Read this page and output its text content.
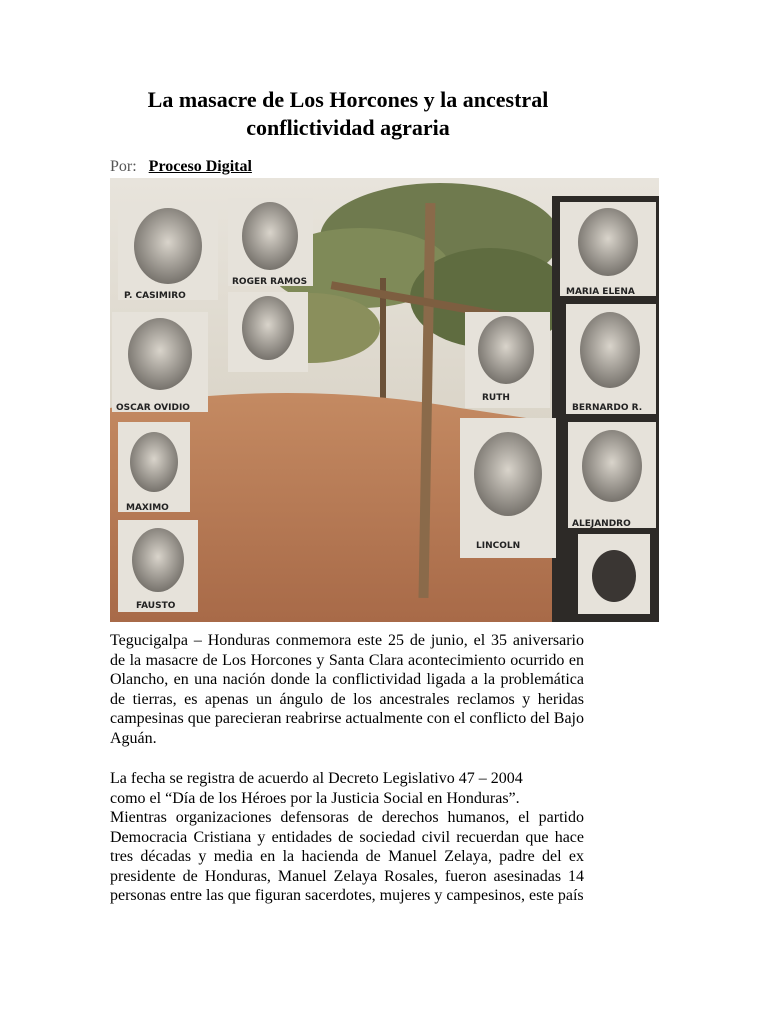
La masacre de Los Horcones y la ancestral
conflictividad agraria
Por: Proceso Digital
P. CASIMIRO
ROGER RAMOS
OSCAR OVIDIO
MAXIMO
FAUSTO
RUTH
LINCOLN
MARIA ELENA
BERNARDO R.
ALEJANDRO
Tegucigalpa – Honduras conmemora este 25 de junio, el 35 aniversario de la masacre de Los Horcones y Santa Clara acontecimiento ocurrido en Olancho, en una nación donde la conflictividad ligada a la problemática de tierras, es apenas un ángulo de los ancestrales reclamos y heridas campesinas que parecieran reabrirse actualmente con el conflicto del Bajo Aguán.
La fecha se registra de acuerdo al Decreto Legislativo 47 – 2004
como el “Día de los Héroes por la Justicia Social en Honduras”.
Mientras organizaciones defensoras de derechos humanos, el partido Democracia Cristiana y entidades de sociedad civil recuerdan que hace tres décadas y media en la hacienda de Manuel Zelaya, padre del ex presidente de Honduras, Manuel Zelaya Rosales, fueron asesinadas 14 personas entre las que figuran sacerdotes, mujeres y campesinos, este país
